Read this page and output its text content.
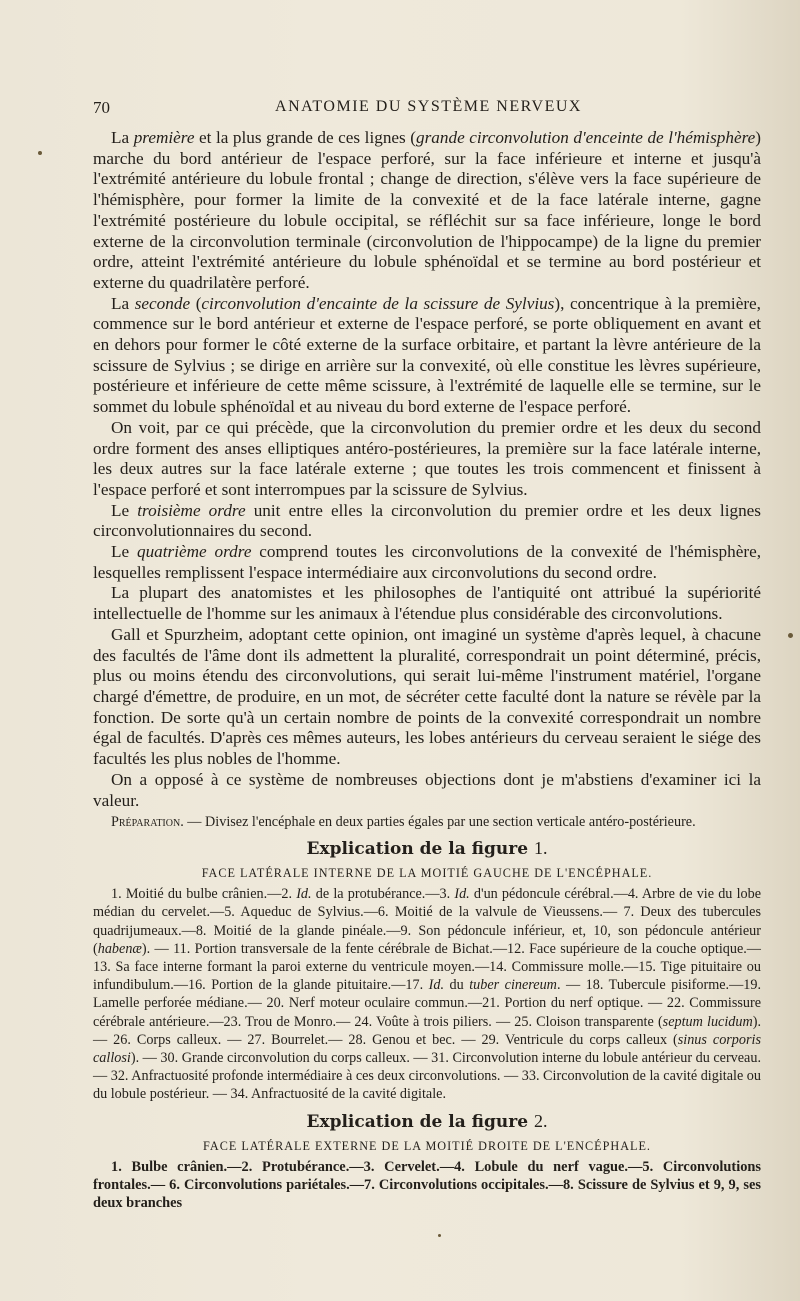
70	ANATOMIE DU SYSTÈME NERVEUX

La première et la plus grande de ces lignes (grande circonvolution d'enceinte de l'hémisphère) marche du bord antérieur de l'espace perforé, sur la face inférieure et interne et jusqu'à l'extrémité antérieure du lobule frontal ; change de direction, s'élève vers la face supérieure de l'hémisphère, pour former la limite de la convexité et de la face latérale interne, gagne l'extrémité postérieure du lobule occipital, se réfléchit sur sa face inférieure, longe le bord externe de la circonvolution terminale (circonvolution de l'hippocampe) de la ligne du premier ordre, atteint l'extrémité antérieure du lobule sphénoïdal et se termine au bord postérieur et externe du quadrilatère perforé.

La seconde (circonvolution d'encainte de la scissure de Sylvius), concentrique à la première, commence sur le bord antérieur et externe de l'espace perforé, se porte obliquement en avant et en dehors pour former le côté externe de la surface orbitaire, et partant la lèvre antérieure de la scissure de Sylvius ; se dirige en arrière sur la convexité, où elle constitue les lèvres supérieure, postérieure et inférieure de cette même scissure, à l'extrémité de laquelle elle se termine, sur le sommet du lobule sphénoïdal et au niveau du bord externe de l'espace perforé.

On voit, par ce qui précède, que la circonvolution du premier ordre et les deux du second ordre forment des anses elliptiques antéro-postérieures, la première sur la face latérale interne, les deux autres sur la face latérale externe ; que toutes les trois commencent et finissent à l'espace perforé et sont interrompues par la scissure de Sylvius.

Le troisième ordre unit entre elles la circonvolution du premier ordre et les deux lignes circonvolutionnaires du second.

Le quatrième ordre comprend toutes les circonvolutions de la convexité de l'hémisphère, lesquelles remplissent l'espace intermédiaire aux circonvolutions du second ordre.

La plupart des anatomistes et les philosophes de l'antiquité ont attribué la supériorité intellectuelle de l'homme sur les animaux à l'étendue plus considérable des circonvolutions.

Gall et Spurzheim, adoptant cette opinion, ont imaginé un système d'après lequel, à chacune des facultés de l'âme dont ils admettent la pluralité, correspondrait un point déterminé, précis, plus ou moins étendu des circonvolutions, qui serait lui-même l'instrument matériel, l'organe chargé d'émettre, de produire, en un mot, de sécréter cette faculté dont la nature se révèle par la fonction. De sorte qu'à un certain nombre de points de la convexité correspondrait un nombre égal de facultés. D'après ces mêmes auteurs, les lobes antérieurs du cerveau seraient le siége des facultés les plus nobles de l'homme.

On a opposé à ce système de nombreuses objections dont je m'abstiens d'examiner ici la valeur.

Préparation. — Divisez l'encéphale en deux parties égales par une section verticale antéro-postérieure.

Explication de la figure 1.
FACE LATÉRALE INTERNE DE LA MOITIÉ GAUCHE DE L'ENCÉPHALE.

1. Moitié du bulbe crânien.—2. Id. de la protubérance.—3. Id. d'un pédoncule cérébral.—4. Arbre de vie du lobe médian du cervelet.—5. Aqueduc de Sylvius.—6. Moitié de la valvule de Vieussens.— 7. Deux des tubercules quadrijumeaux.—8. Moitié de la glande pinéale.—9. Son pédoncule inférieur, et, 10, son pédoncule antérieur (habenæ). — 11. Portion transversale de la fente cérébrale de Bichat.—12. Face supérieure de la couche optique.—13. Sa face interne formant la paroi externe du ventricule moyen.—14. Commissure molle.—15. Tige pituitaire ou infundibulum.—16. Portion de la glande pituitaire.—17. Id. du tuber cinereum. — 18. Tubercule pisiforme.—19. Lamelle perforée médiane.— 20. Nerf moteur oculaire commun.—21. Portion du nerf optique. — 22. Commissure cérébrale antérieure.—23. Trou de Monro.— 24. Voûte à trois piliers. — 25. Cloison transparente (septum lucidum).— 26. Corps calleux. — 27. Bourrelet.— 28. Genou et bec. — 29. Ventricule du corps calleux (sinus corporis callosi). — 30. Grande circonvolution du corps calleux. — 31. Circonvolution interne du lobule antérieur du cerveau. — 32. Anfractuosité profonde intermédiaire à ces deux circonvolutions. — 33. Circonvolution de la cavité digitale ou du lobule postérieur. — 34. Anfractuosité de la cavité digitale.

Explication de la figure 2.
FACE LATÉRALE EXTERNE DE LA MOITIÉ DROITE DE L'ENCÉPHALE.

1. Bulbe crânien.—2. Protubérance.—3. Cervelet.—4. Lobule du nerf vague.—5. Circonvolutions frontales.— 6. Circonvolutions pariétales.—7. Circonvolutions occipitales.—8. Scissure de Sylvius et 9, 9, ses deux branches
